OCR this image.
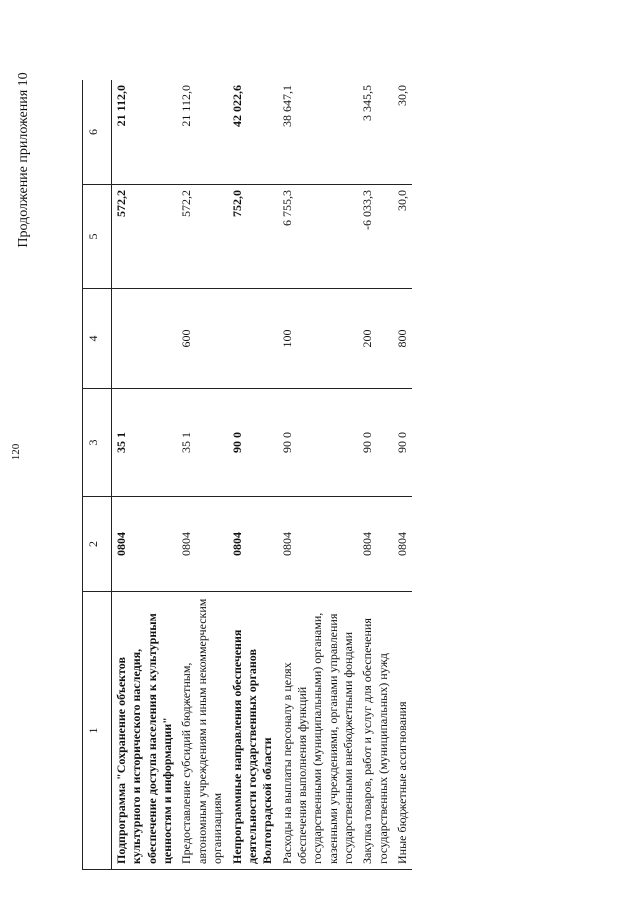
120
Продолжение приложения 10
1	2	3	4	5	6
Подпрограмма "Сохранение объектов культурного и исторического наследия, обеспечение доступа населения к культурным ценностям и информации"	0804	35 1		572,2	21 112,0
Предоставление субсидий бюджетным, автономным учреждениям и иным некоммерческим организациям	0804	35 1	600	572,2	21 112,0
Непрограммные направления обеспечения деятельности государственных органов Волгоградской области	0804	90 0		752,0	42 022,6
Расходы на выплаты персоналу в целях обеспечения выполнения функций государственными (муниципальными) органами, казенными учреждениями, органами управления государственными внебюджетными фондами	0804	90 0	100	6 755,3	38 647,1
Закупка товаров, работ и услуг для обеспечения государственных (муниципальных) нужд	0804	90 0	200	-6 033,3	3 345,5
Иные бюджетные ассигнования	0804	90 0	800	30,0	30,0
